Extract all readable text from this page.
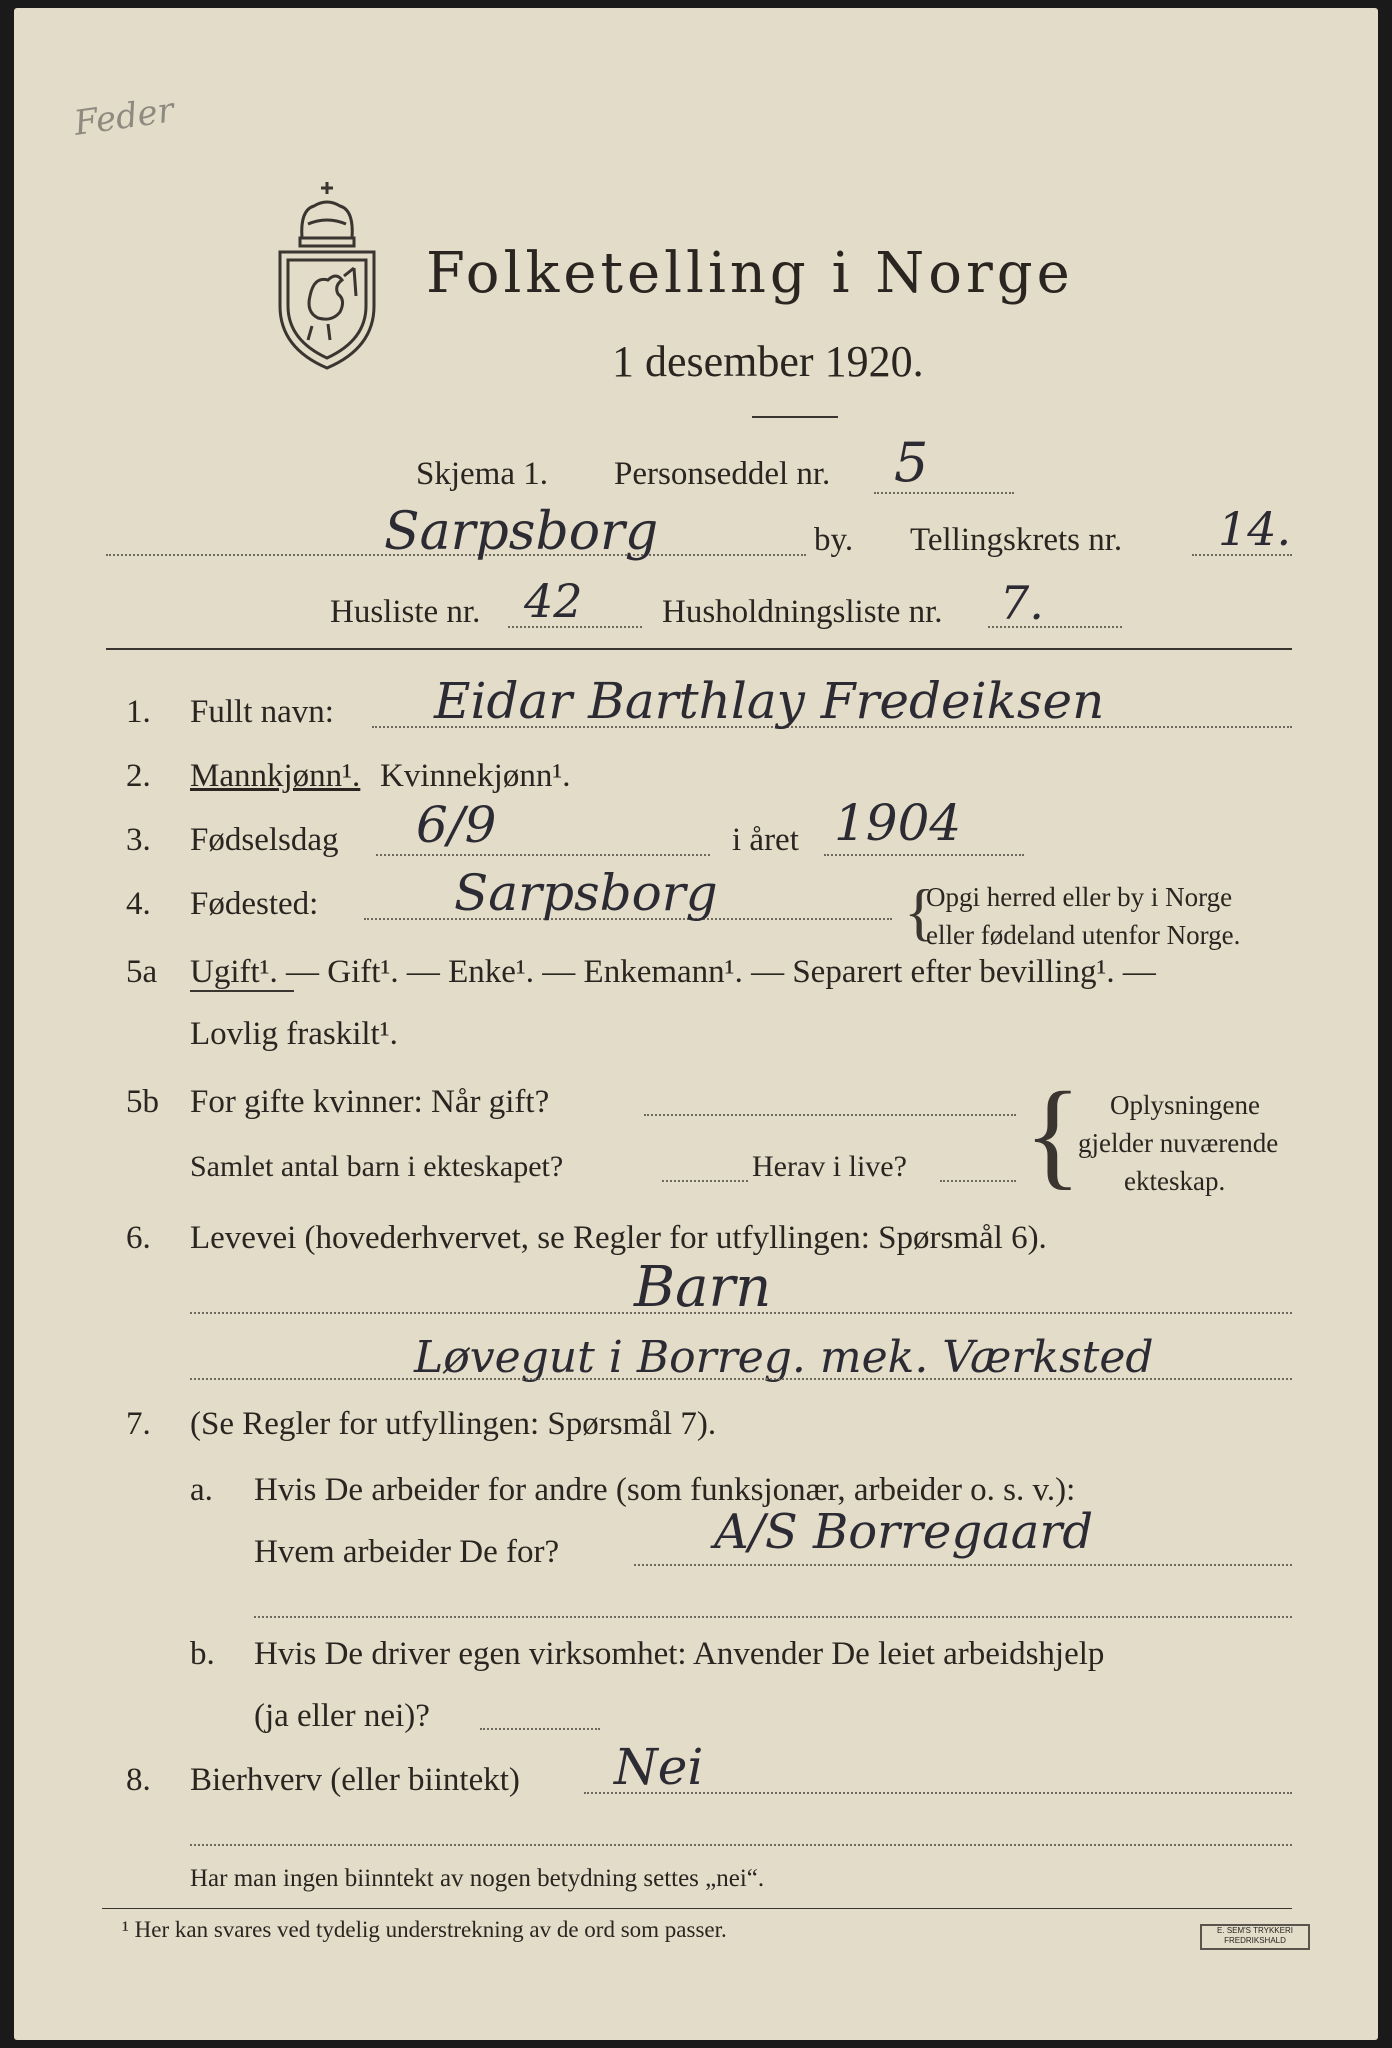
Feder
Folketelling i Norge
1 desember 1920.
Skjema 1. Personseddel nr. 5
Sarpsborg	by. Tellingskrets nr. 14.
Husliste nr. 42 Husholdningsliste nr. 7.
1. Fullt navn: Eidar Barthlay Fredeiksen
2. Mannkjønn¹. Kvinnekjønn¹.
3. Fødselsdag 6/9	i året 1904
4. Fødested:	Sarpsborg	{
Opgi herred eller by i Norge
eller fødeland utenfor Norge.
5a Ugift¹. — Gift¹. — Enke¹. — Enkemann¹. — Separert efter bevilling¹. —
Lovlig fraskilt¹.
5b For gifte kvinner: Når gift?
Samlet antal barn i ekteskapet?	Herav i live? { Oplysningene
gjelder nuværende
ekteskap.
6. Levevei (hovederhvervet, se Regler for utfyllingen: Spørsmål 6).
Barn
Løvegut i Borreg. mek. Værksted
7. (Se Regler for utfyllingen: Spørsmål 7).
a. Hvis De arbeider for andre (som funksjonær, arbeider o. s. v.):
Hvem arbeider De for?	A/S Borregaard
b. Hvis De driver egen virksomhet: Anvender De leiet arbeidshjelp
(ja eller nei)?
8. Bierhverv (eller biintekt) Nei
Har man ingen biinntekt av nogen betydning settes „nei“.
¹ Her kan svares ved tydelig understrekning av de ord som passer.	E. SEM'S TRYKKERI FREDRIKSHALD
